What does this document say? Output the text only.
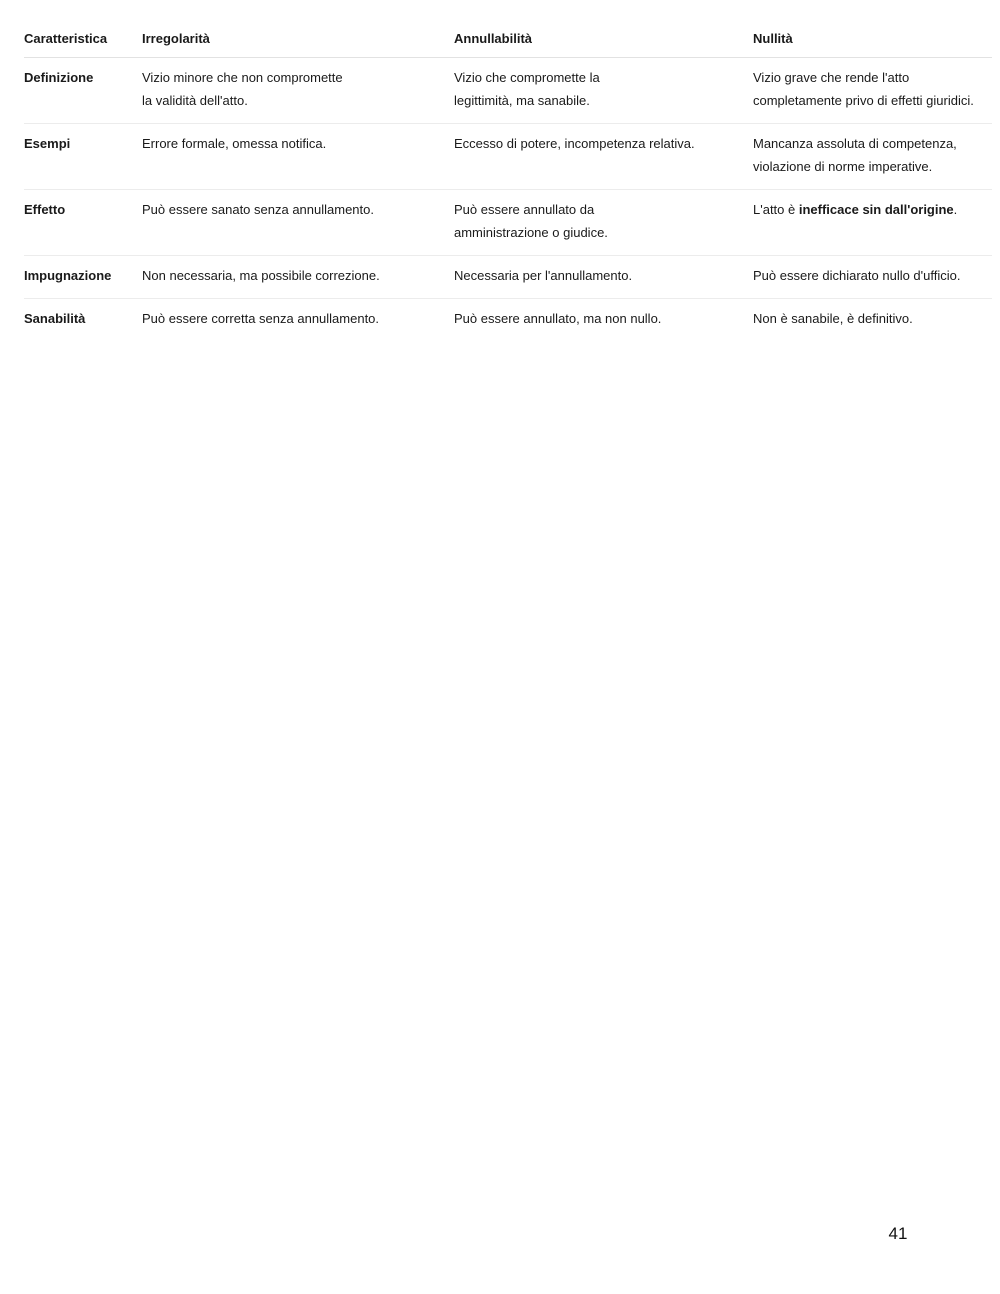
Caratteristica	Irregolarità	Annullabilità	Nullità
Definizione	Vizio minore che non compromette la validità dell'atto.	Vizio che compromette la legittimità, ma sanabile.	Vizio grave che rende l'atto completamente privo di effetti giuridici.
Esempi	Errore formale, omessa notifica.	Eccesso di potere, incompetenza relativa.	Mancanza assoluta di competenza, violazione di norme imperative.
Effetto	Può essere sanato senza annullamento.	Può essere annullato da amministrazione o giudice.	L'atto è inefficace sin dall'origine.
Impugnazione	Non necessaria, ma possibile correzione.	Necessaria per l'annullamento.	Può essere dichiarato nullo d'ufficio.
Sanabilità	Può essere corretta senza annullamento.	Può essere annullato, ma non nullo.	Non è sanabile, è definitivo.
41
